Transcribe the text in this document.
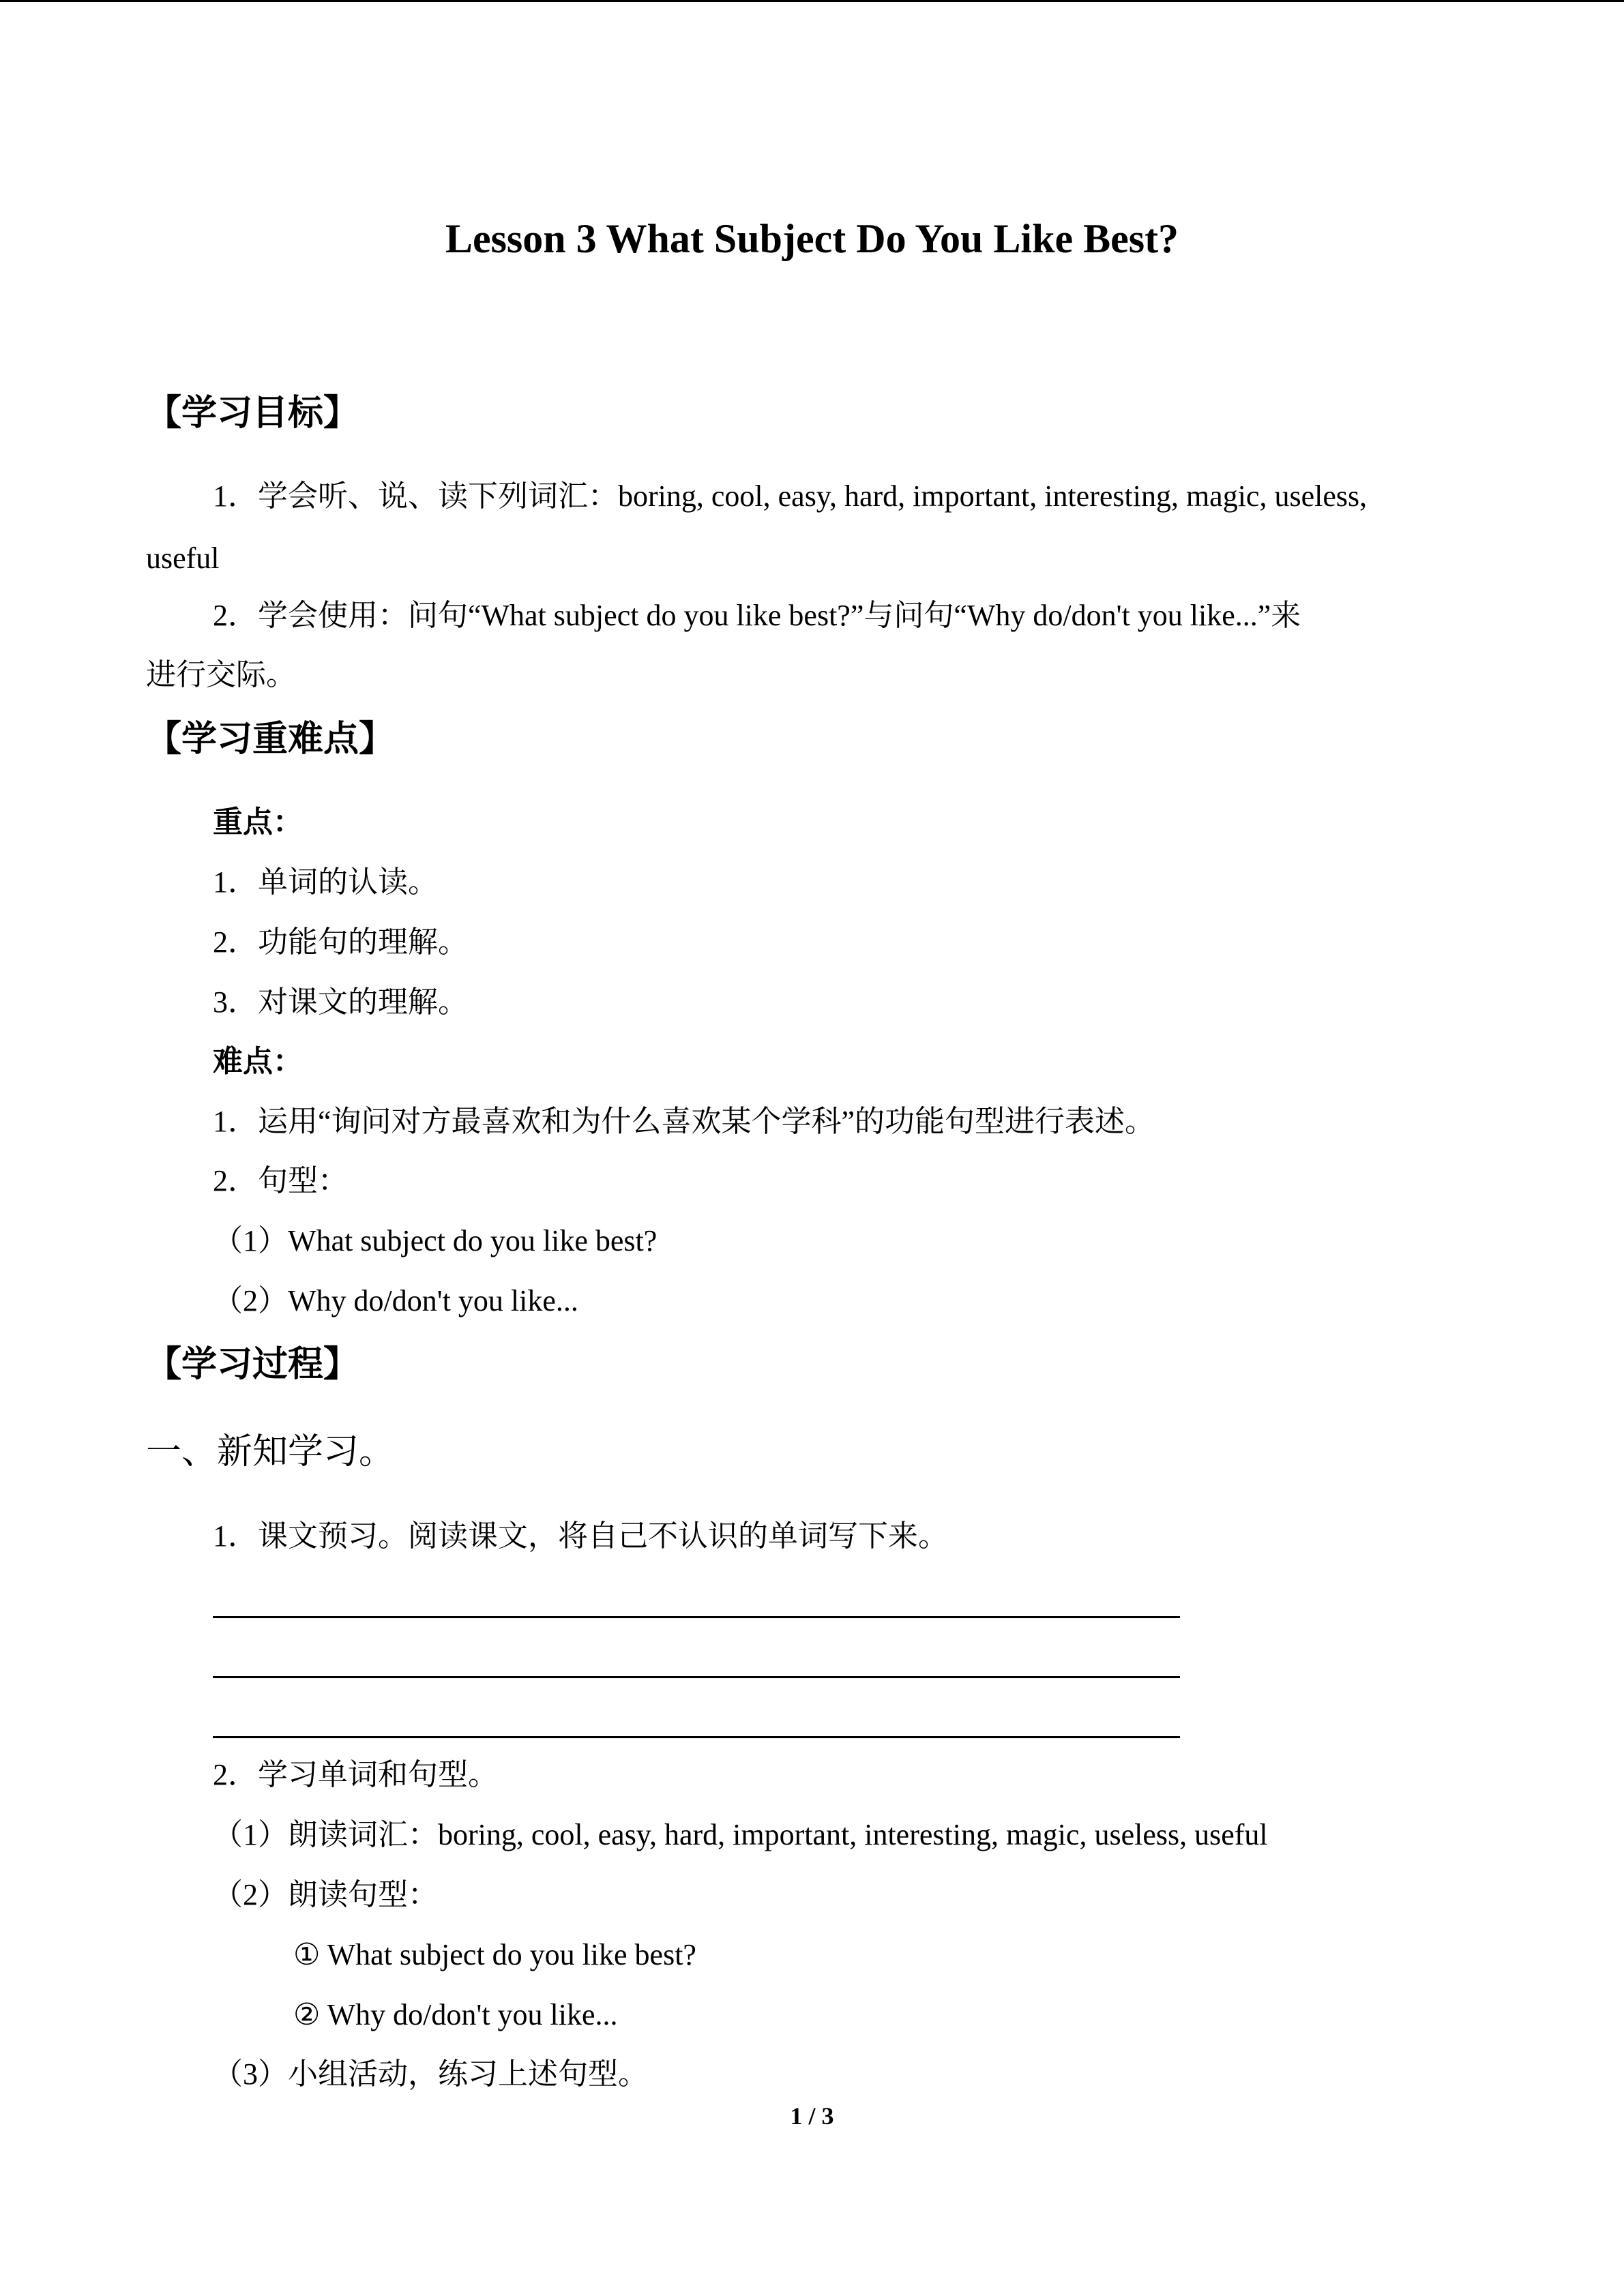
Lesson 3 What Subject Do You Like Best?
【学习目标】
1．学会听、说、读下列词汇：boring, cool, easy, hard, important, interesting, magic, useless,
useful
2．学会使用：问句“What subject do you like best?”与问句“Why do/don't you like...”来
进行交际。
【学习重难点】
重点：
1．单词的认读。
2．功能句的理解。
3．对课文的理解。
难点：
1．运用“询问对方最喜欢和为什么喜欢某个学科”的功能句型进行表述。
2．句型：
（1）What subject do you like best?
（2）Why do/don't you like...
【学习过程】
一、新知学习。
1．课文预习。阅读课文，将自己不认识的单词写下来。
2．学习单词和句型。
（1）朗读词汇：boring, cool, easy, hard, important, interesting, magic, useless, useful
（2）朗读句型：
① What subject do you like best?
② Why do/don't you like...
（3）小组活动，练习上述句型。
1 / 3
